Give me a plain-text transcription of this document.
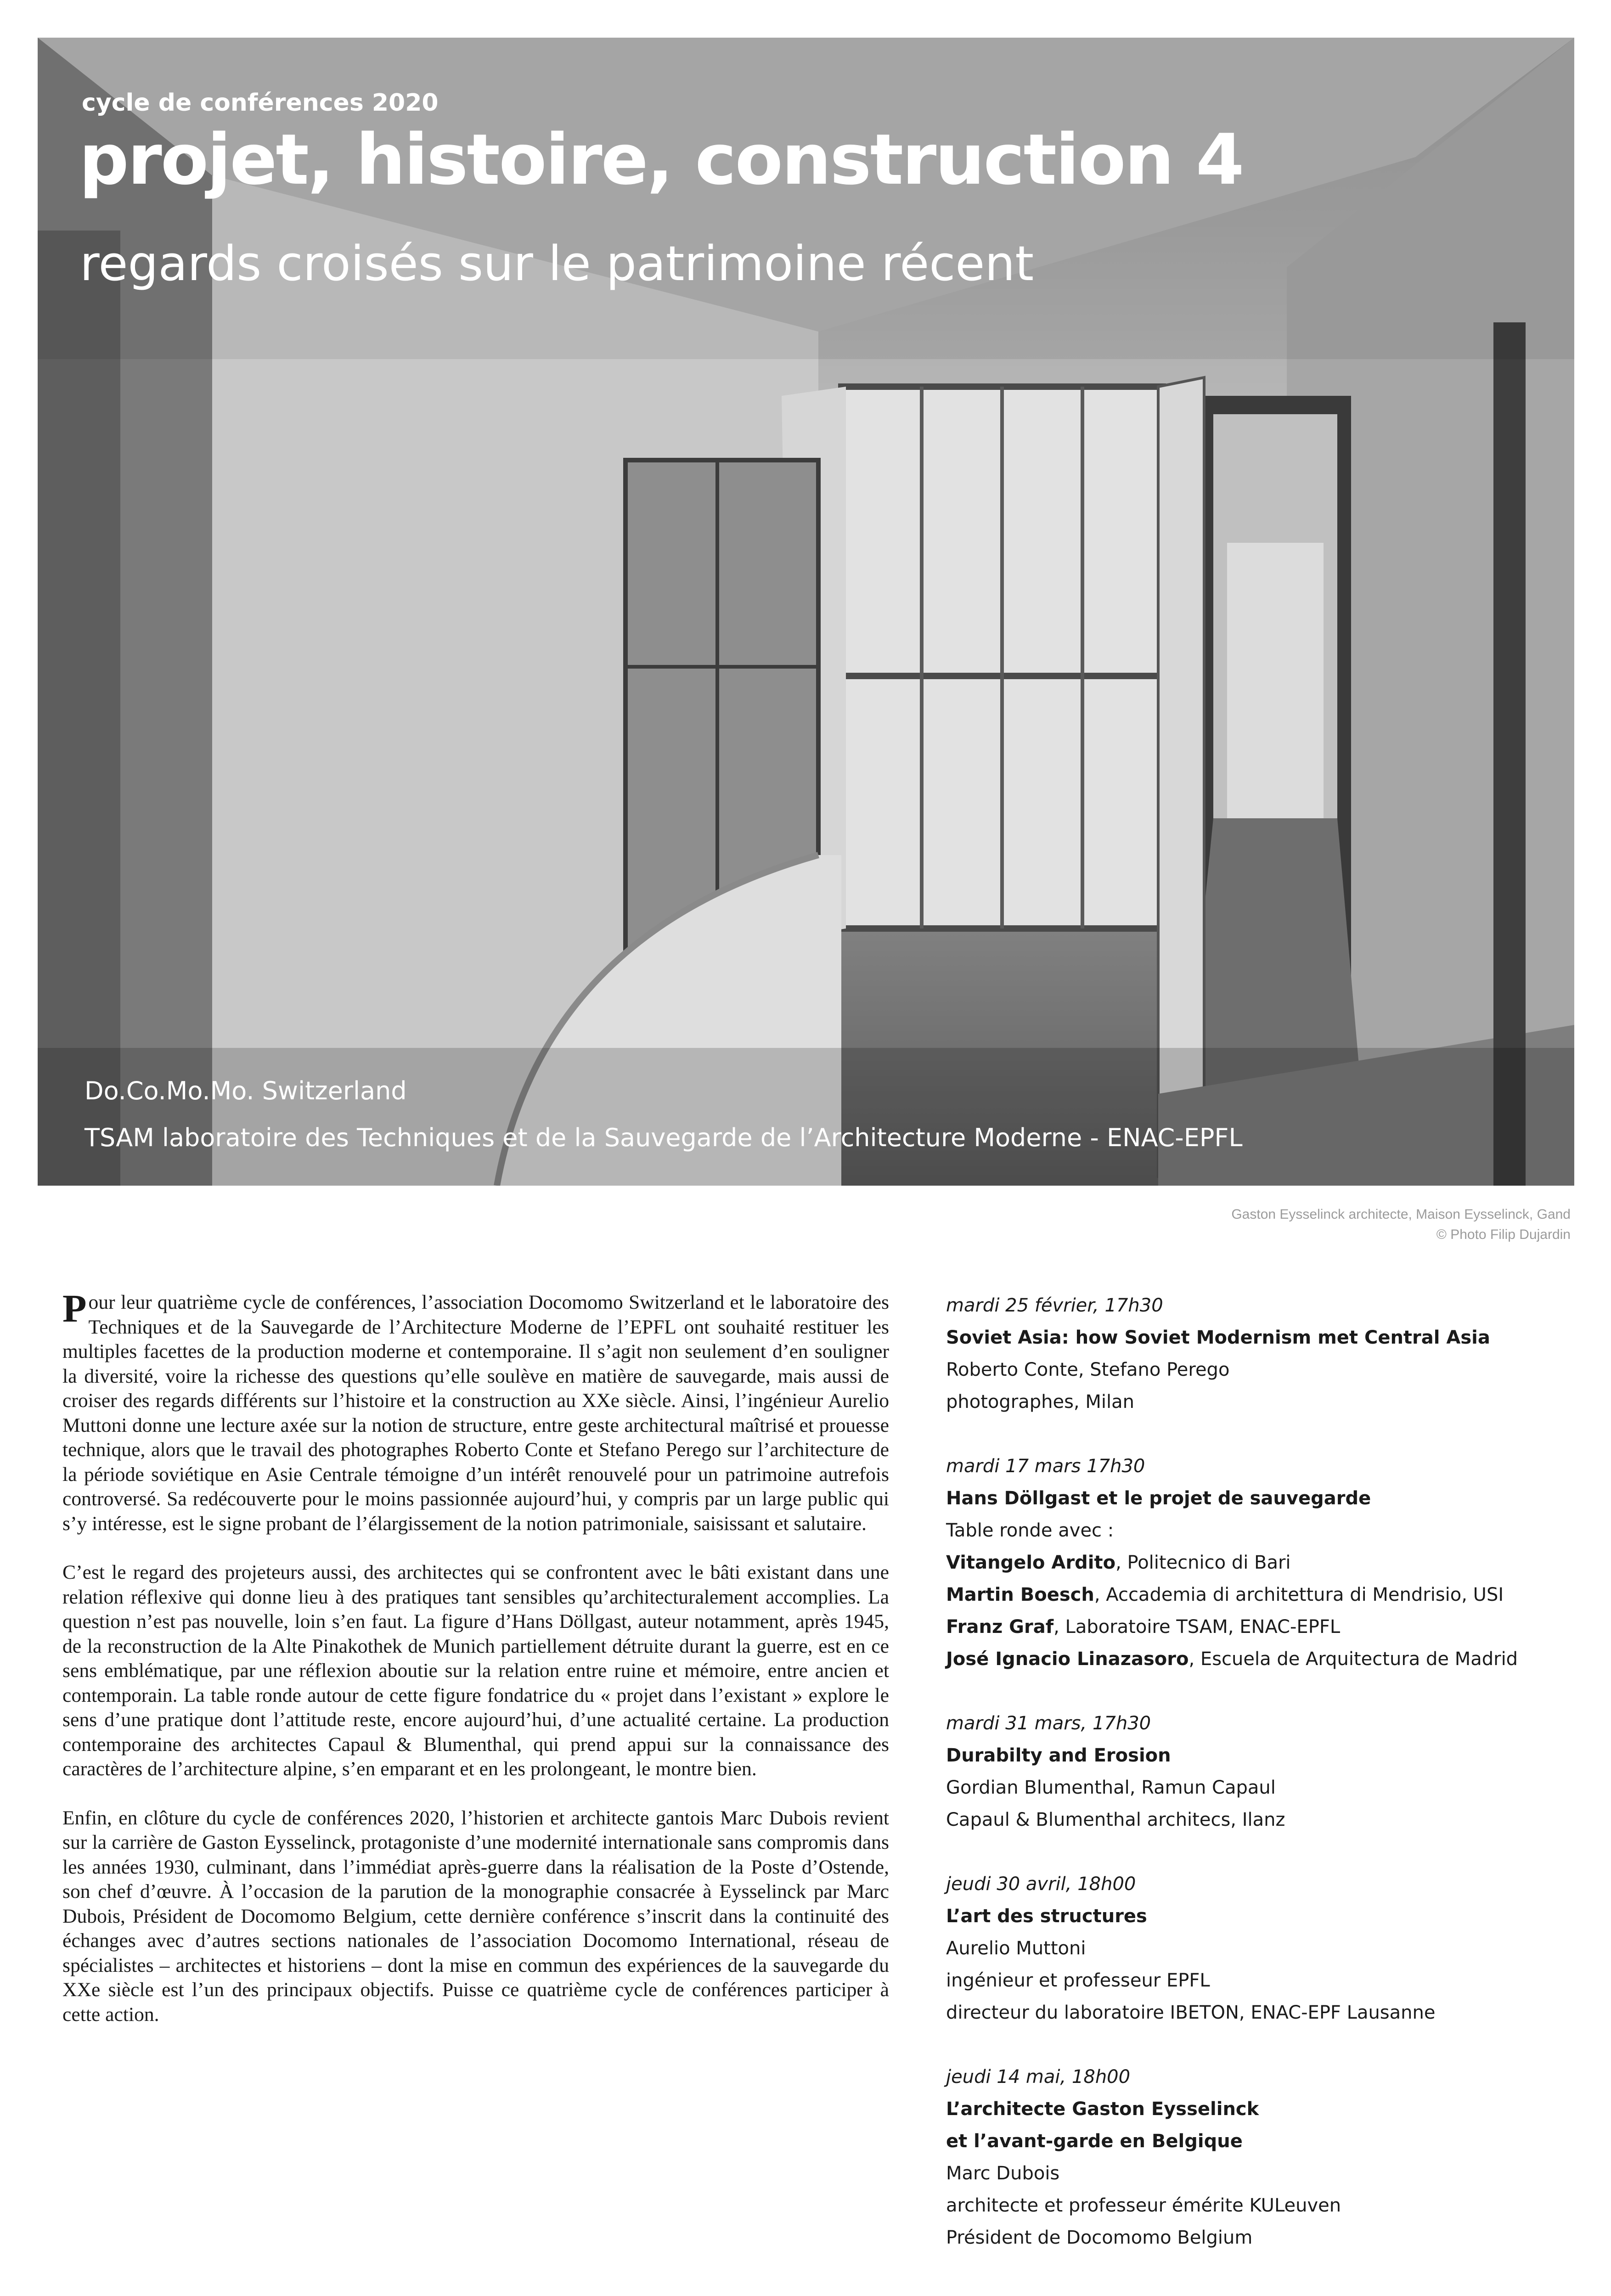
cycle de conférences 2020
projet, histoire, construction 4
regards croisés sur le patrimoine récent
Do.Co.Mo.Mo. Switzerland
TSAM laboratoire des Techniques et de la Sauvegarde de l’Architecture Moderne - ENAC-EPFL
Gaston Eysselinck architecte, Maison Eysselinck, Gand
© Photo Filip Dujardin

Pour leur quatrième cycle de conférences, l’association Docomomo Switzerland et le laboratoire des Techniques et de la Sauvegarde de l’Architecture Moderne de l’EPFL ont souhaité restituer les multiples facettes de la production moderne et contemporaine. Il s’agit non seulement d’en souligner la diversité, voire la richesse des questions qu’elle soulève en matière de sauvegarde, mais aussi de croiser des regards différents sur l’histoire et la construction au XXe siècle. Ainsi, l’ingénieur Aurelio Muttoni donne une lecture axée sur la notion de structure, entre geste architectural maîtrisé et prouesse technique, alors que le travail des photographes Roberto Conte et Stefano Perego sur l’architecture de la période soviétique en Asie Centrale témoigne d’un intérêt renouvelé pour un patrimoine autrefois controversé. Sa redécouverte pour le moins passionnée aujourd’hui, y compris par un large public qui s’y intéresse, est le signe probant de l’élargissement de la notion patrimoniale, saisissant et salutaire.

C’est le regard des projeteurs aussi, des architectes qui se confrontent avec le bâti existant dans une relation réflexive qui donne lieu à des pratiques tant sensibles qu’architecturalement accomplies. La question n’est pas nouvelle, loin s’en faut. La figure d’Hans Döllgast, auteur notamment, après 1945, de la reconstruction de la Alte Pinakothek de Munich partiellement détruite durant la guerre, est en ce sens emblématique, par une réflexion aboutie sur la relation entre ruine et mémoire, entre ancien et contemporain. La table ronde autour de cette figure fondatrice du « projet dans l’existant » explore le sens d’une pratique dont l’attitude reste, encore aujourd’hui, d’une actualité certaine. La production contemporaine des architectes Capaul & Blumenthal, qui prend appui sur la connaissance des caractères de l’architecture alpine, s’en emparant et en les prolongeant, le montre bien.

Enfin, en clôture du cycle de conférences 2020, l’historien et architecte gantois Marc Dubois revient sur la carrière de Gaston Eysselinck, protagoniste d’une modernité internationale sans compromis dans les années 1930, culminant, dans l’immédiat après-guerre dans la réalisation de la Poste d’Ostende, son chef d’œuvre. À l’occasion de la parution de la monographie consacrée à Eysselinck par Marc Dubois, Président de Docomomo Belgium, cette dernière conférence s’inscrit dans la continuité des échanges avec d’autres sections nationales de l’association Docomomo International, réseau de spécialistes – architectes et historiens – dont la mise en commun des expériences de la sauvegarde du XXe siècle est l’un des principaux objectifs. Puisse ce quatrième cycle de conférences participer à cette action.

mardi 25 février, 17h30
Soviet Asia: how Soviet Modernism met Central Asia
Roberto Conte, Stefano Perego
photographes, Milan
mardi 17 mars 17h30
Hans Döllgast et le projet de sauvegarde
Table ronde avec :
Vitangelo Ardito, Politecnico di Bari
Martin Boesch, Accademia di architettura di Mendrisio, USI
Franz Graf, Laboratoire TSAM, ENAC-EPFL
José Ignacio Linazasoro, Escuela de Arquitectura de Madrid
mardi 31 mars, 17h30
Durabilty and Erosion
Gordian Blumenthal, Ramun Capaul
Capaul & Blumenthal architecs, Ilanz
jeudi 30 avril, 18h00
L’art des structures
Aurelio Muttoni
ingénieur et professeur EPFL
directeur du laboratoire IBETON, ENAC-EPF Lausanne
jeudi 14 mai, 18h00
L’architecte Gaston Eysselinck
et l’avant-garde en Belgique
Marc Dubois
architecte et professeur émérite KULeuven
Président de Docomomo Belgium
